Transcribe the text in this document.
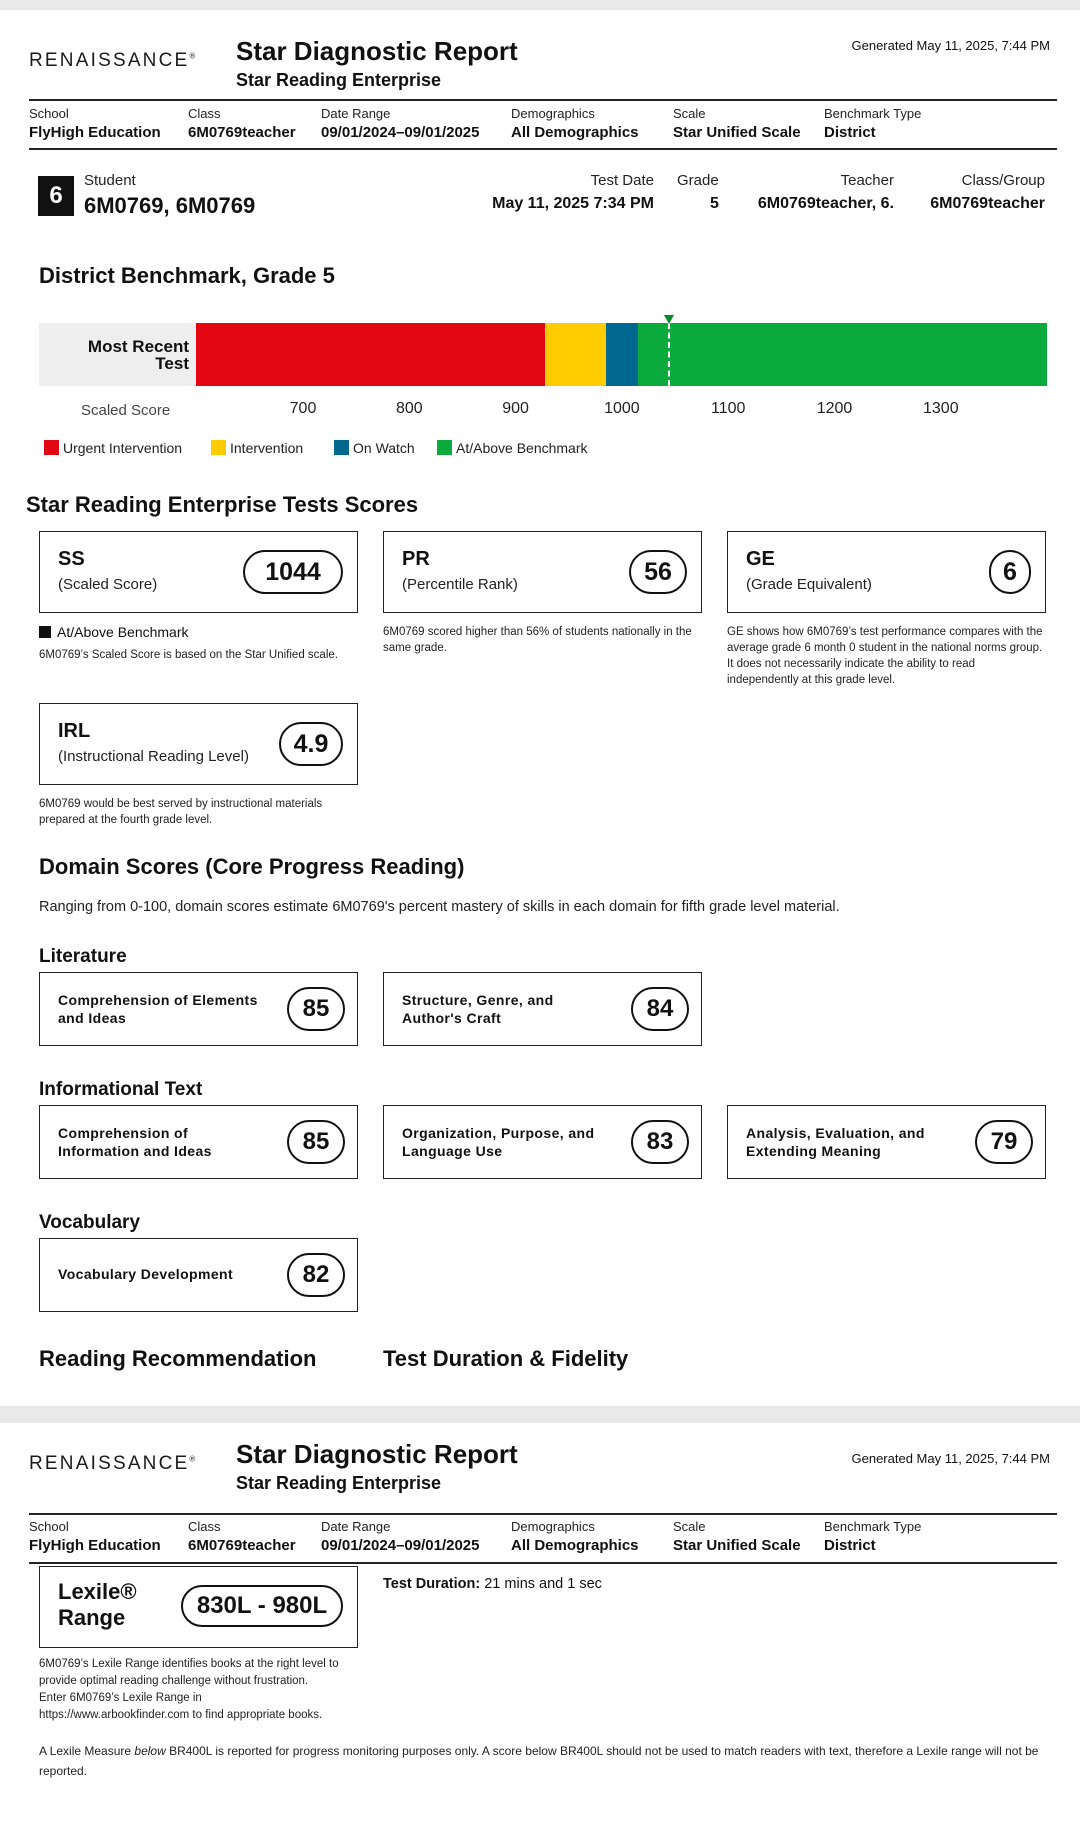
RENAISSANCE® Star Diagnostic Report
Star Reading Enterprise
Generated May 11, 2025, 7:44 PM
School
FlyHigh Education
Class
6M0769teacher
Date Range
09/01/2024–09/01/2025
Demographics
All Demographics
Scale
Star Unified Scale
Benchmark Type
District
6
Student
6M0769, 6M0769
Test Date
May 11, 2025 7:34 PM
Grade
5
Teacher
6M0769teacher, 6.
Class/Group
6M0769teacher
District Benchmark, Grade 5
Most Recent
Test
Scaled Score	700	800	900	1000	1100	1200	1300
Urgent Intervention	Intervention	On Watch	At/Above Benchmark
Star Reading Enterprise Tests Scores
SS
(Scaled Score)	1044	PR
(Percentile Rank)	56	GE
(Grade Equivalent)	6
At/Above Benchmark
6M0769’s Scaled Score is based on the Star Unified scale.
6M0769 scored higher than 56% of students nationally in the same grade.
GE shows how 6M0769’s test performance compares with the average grade 6 month 0 student in the national norms group. It does not necessarily indicate the ability to read independently at this grade level.
IRL
(Instructional Reading Level)	4.9
6M0769 would be best served by instructional materials prepared at the fourth grade level.
Domain Scores (Core Progress Reading)
Ranging from 0-100, domain scores estimate 6M0769's percent mastery of skills in each domain for fifth grade level material.
Literature
Comprehension of Elements
and Ideas	85	Structure, Genre, and
Author's Craft	84
Informational Text
Comprehension of
Information and Ideas	85	Organization, Purpose, and
Language Use	83	Analysis, Evaluation, and
Extending Meaning	79
Vocabulary
Vocabulary Development	82
Reading Recommendation	Test Duration & Fidelity
RENAISSANCE® Star Diagnostic Report
Star Reading Enterprise
Generated May 11, 2025, 7:44 PM
School
FlyHigh Education
Class
6M0769teacher
Date Range
09/01/2024–09/01/2025
Demographics
All Demographics
Scale
Star Unified Scale
Benchmark Type
District
Lexile®
Range	830L - 980L
Test Duration: 21 mins and 1 sec
6M0769’s Lexile Range identifies books at the right level to
provide optimal reading challenge without frustration.
Enter 6M0769’s Lexile Range in
https://www.arbookfinder.com to find appropriate books.
A Lexile Measure below BR400L is reported for progress monitoring purposes only. A score below BR400L should not be used to match readers with text, therefore a Lexile range will not be reported.
